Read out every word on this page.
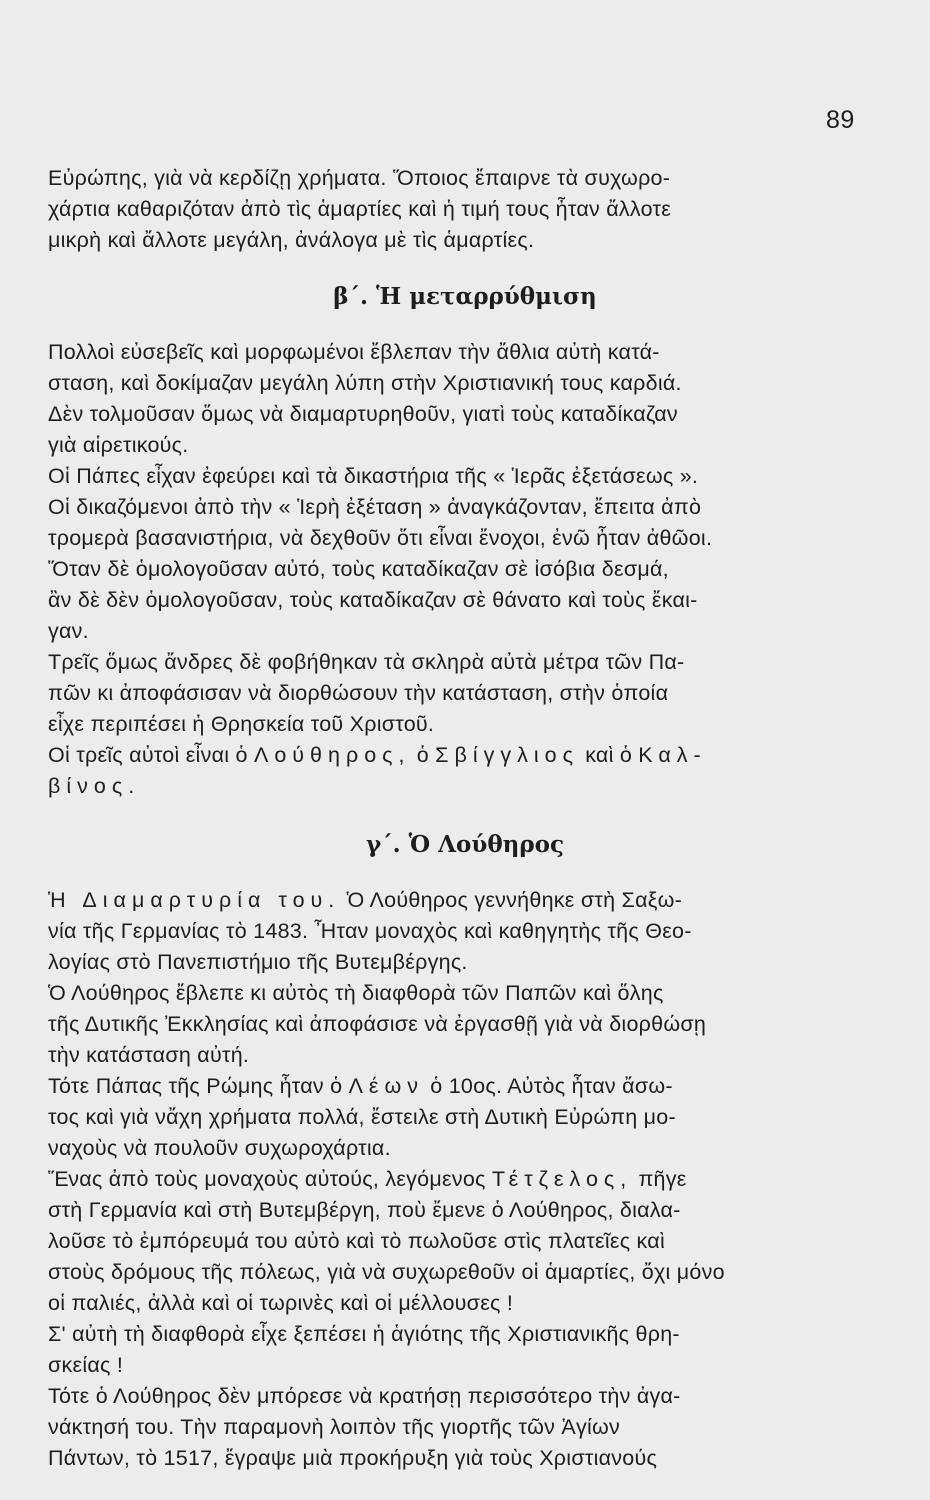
89
Εὐρώπης, γιὰ νὰ κερδίζῃ χρήματα. Ὅποιος ἔπαιρνε τὰ συχωρο-
χάρτια καθαριζόταν ἀπὸ τὶς ἁμαρτίες καὶ ἡ τιμή τους ἦταν ἄλλοτε
μικρὴ καὶ ἄλλοτε μεγάλη, ἀνάλογα μὲ τὶς ἁμαρτίες.
β΄. Ἡ μεταρρύθμιση
Πολλοὶ εὐσεβεῖς καὶ μορφωμένοι ἔβλεπαν τὴν ἄθλια αὐτὴ κατά-
σταση, καὶ δοκίμαζαν μεγάλη λύπη στὴν Χριστιανική τους καρδιά.
Δὲν τολμοῦσαν ὅμως νὰ διαμαρτυρηθοῦν, γιατὶ τοὺς καταδίκαζαν
γιὰ αἱρετικούς.
Οἱ Πάπες εἶχαν ἐφεύρει καὶ τὰ δικαστήρια τῆς « Ἱερᾶς ἐξετάσεως ».
Οἱ δικαζόμενοι ἀπὸ τὴν « Ἱερὴ ἐξέταση » ἀναγκάζονταν, ἔπειτα ἀπὸ
τρομερὰ βασανιστήρια, νὰ δεχθοῦν ὅτι εἶναι ἔνοχοι, ἐνῶ ἦταν ἀθῶοι.
Ὅταν δὲ ὁμολογοῦσαν αὐτό, τοὺς καταδίκαζαν σὲ ἰσόβια δεσμά,
ἂν δὲ δὲν ὁμολογοῦσαν, τοὺς καταδίκαζαν σὲ θάνατο καὶ τοὺς ἔκαι-
γαν.
Τρεῖς ὅμως ἄνδρες δὲ φοβήθηκαν τὰ σκληρὰ αὐτὰ μέτρα τῶν Πα-
πῶν κι ἀποφάσισαν νὰ διορθώσουν τὴν κατάσταση, στὴν ὁποία
εἶχε περιπέσει ἡ Θρησκεία τοῦ Χριστοῦ.
Οἱ τρεῖς αὐτοὶ εἶναι ὁ Λούθηρος, ὁ Σβίγγλιος καὶ ὁ Καλ-
βίνος.
γ΄. Ὁ Λούθηρος
Ἡ Διαμαρτυρία του. Ὁ Λούθηρος γεννήθηκε στὴ Σαξω-
νία τῆς Γερμανίας τὸ 1483. Ἦταν μοναχὸς καὶ καθηγητὴς τῆς Θεο-
λογίας στὸ Πανεπιστήμιο τῆς Βυτεμβέργης.
Ὁ Λούθηρος ἔβλεπε κι αὐτὸς τὴ διαφθορὰ τῶν Παπῶν καὶ ὅλης
τῆς Δυτικῆς Ἐκκλησίας καὶ ἀποφάσισε νὰ ἐργασθῇ γιὰ νὰ διορθώσῃ
τὴν κατάσταση αὐτή.
Τότε Πάπας τῆς Ρώμης ἦταν ὁ Λέων ὁ 10ος. Αὐτὸς ἦταν ἄσω-
τος καὶ γιὰ νἄχη χρήματα πολλά, ἔστειλε στὴ Δυτικὴ Εὐρώπη μο-
ναχοὺς νὰ πουλοῦν συχωροχάρτια.
Ἕνας ἀπὸ τοὺς μοναχοὺς αὐτούς, λεγόμενος Τέτζελος, πῆγε
στὴ Γερμανία καὶ στὴ Βυτεμβέργη, ποὺ ἔμενε ὁ Λούθηρος, διαλα-
λοῦσε τὸ ἐμπόρευμά του αὐτὸ καὶ τὸ πωλοῦσε στὶς πλατεῖες καὶ
στοὺς δρόμους τῆς πόλεως, γιὰ νὰ συχωρεθοῦν οἱ ἁμαρτίες, ὄχι μόνο
οἱ παλιές, ἀλλὰ καὶ οἱ τωρινὲς καὶ οἱ μέλλουσες !
Σ' αὐτὴ τὴ διαφθορὰ εἶχε ξεπέσει ἡ ἁγιότης τῆς Χριστιανικῆς θρη-
σκείας !
Τότε ὁ Λούθηρος δὲν μπόρεσε νὰ κρατήσῃ περισσότερο τὴν ἀγα-
νάκτησή του. Τὴν παραμονὴ λοιπὸν τῆς γιορτῆς τῶν Ἁγίων
Πάντων, τὸ 1517, ἔγραψε μιὰ προκήρυξη γιὰ τοὺς Χριστιανούς
